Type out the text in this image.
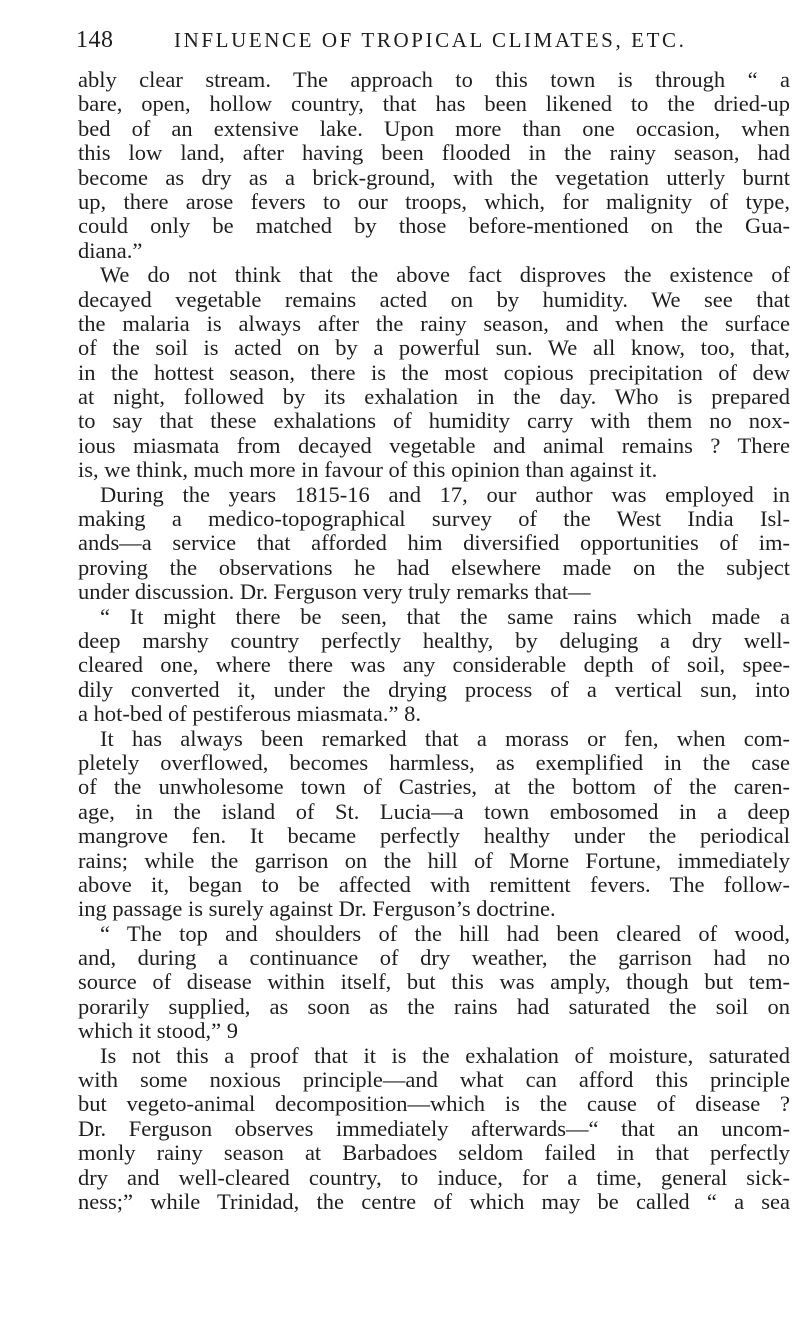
148	INFLUENCE OF TROPICAL CLIMATES, ETC.
ably clear stream. The approach to this town is through “ a
bare, open, hollow country, that has been likened to the dried-up
bed of an extensive lake. Upon more than one occasion, when
this low land, after having been flooded in the rainy season, had
become as dry as a brick-ground, with the vegetation utterly burnt
up, there arose fevers to our troops, which, for malignity of type,
could only be matched by those before-mentioned on the Gua-
diana.”
We do not think that the above fact disproves the existence of
decayed vegetable remains acted on by humidity. We see that
the malaria is always after the rainy season, and when the surface
of the soil is acted on by a powerful sun. We all know, too, that,
in the hottest season, there is the most copious precipitation of dew
at night, followed by its exhalation in the day. Who is prepared
to say that these exhalations of humidity carry with them no nox-
ious miasmata from decayed vegetable and animal remains ? There
is, we think, much more in favour of this opinion than against it.
During the years 1815-16 and 17, our author was employed in
making a medico-topographical survey of the West India Isl-
ands—a service that afforded him diversified opportunities of im-
proving the observations he had elsewhere made on the subject
under discussion. Dr. Ferguson very truly remarks that—
“ It might there be seen, that the same rains which made a
deep marshy country perfectly healthy, by deluging a dry well-
cleared one, where there was any considerable depth of soil, spee-
dily converted it, under the drying process of a vertical sun, into
a hot-bed of pestiferous miasmata.” 8.
It has always been remarked that a morass or fen, when com-
pletely overflowed, becomes harmless, as exemplified in the case
of the unwholesome town of Castries, at the bottom of the caren-
age, in the island of St. Lucia—a town embosomed in a deep
mangrove fen. It became perfectly healthy under the periodical
rains; while the garrison on the hill of Morne Fortune, immediately
above it, began to be affected with remittent fevers. The follow-
ing passage is surely against Dr. Ferguson’s doctrine.
“ The top and shoulders of the hill had been cleared of wood,
and, during a continuance of dry weather, the garrison had no
source of disease within itself, but this was amply, though but tem-
porarily supplied, as soon as the rains had saturated the soil on
which it stood,” 9
Is not this a proof that it is the exhalation of moisture, saturated
with some noxious principle—and what can afford this principle
but vegeto-animal decomposition—which is the cause of disease ?
Dr. Ferguson observes immediately afterwards—“ that an uncom-
monly rainy season at Barbadoes seldom failed in that perfectly
dry and well-cleared country, to induce, for a time, general sick-
ness;” while Trinidad, the centre of which may be called “ a sea
